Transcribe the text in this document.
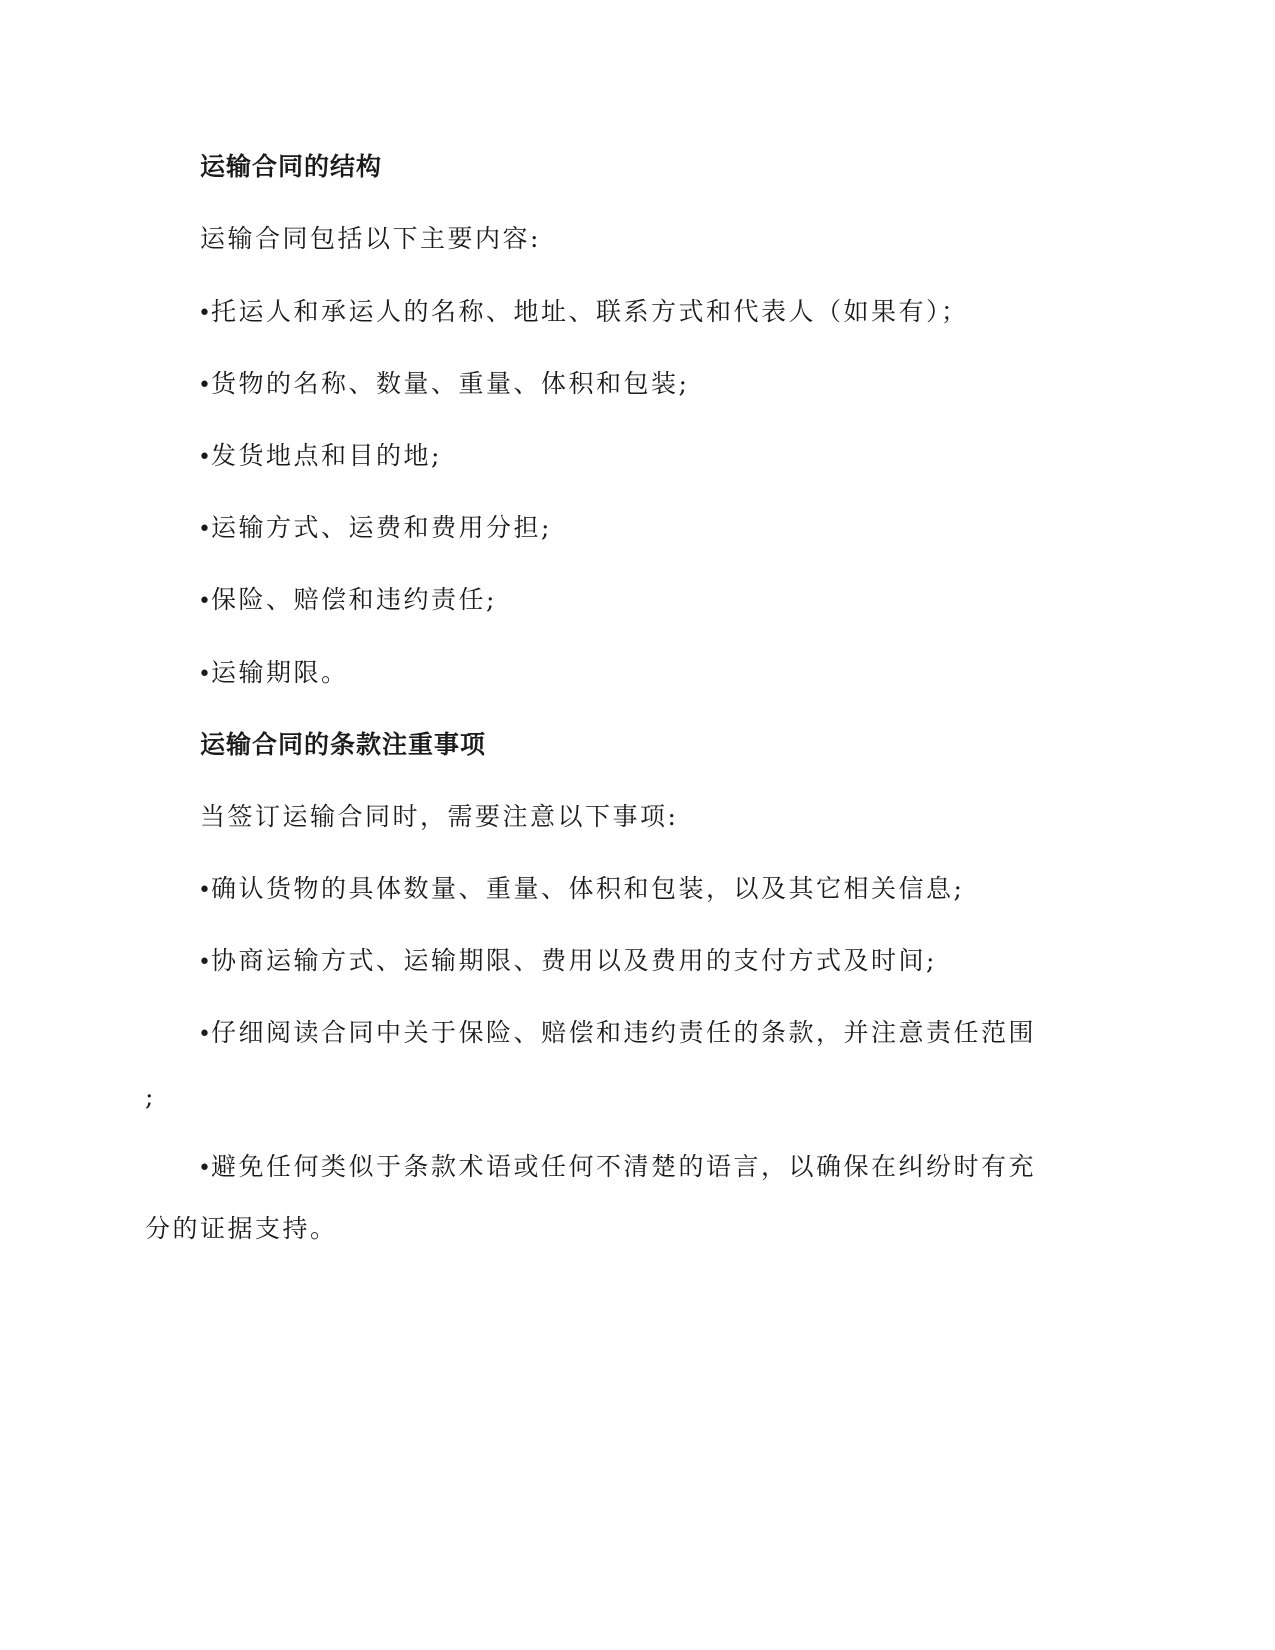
运输合同的结构
运输合同包括以下主要内容:
•托运人和承运人的名称、地址、联系方式和代表人（如果有）；
•货物的名称、数量、重量、体积和包装;
•发货地点和目的地;
•运输方式、运费和费用分担;
•保险、赔偿和违约责任;
•运输期限。
运输合同的条款注重事项
当签订运输合同时，需要注意以下事项:
•确认货物的具体数量、重量、体积和包装，以及其它相关信息;
•协商运输方式、运输期限、费用以及费用的支付方式及时间;
•仔细阅读合同中关于保险、赔偿和违约责任的条款，并注意责任范围
;
•避免任何类似于条款术语或任何不清楚的语言，以确保在纠纷时有充
分的证据支持。
